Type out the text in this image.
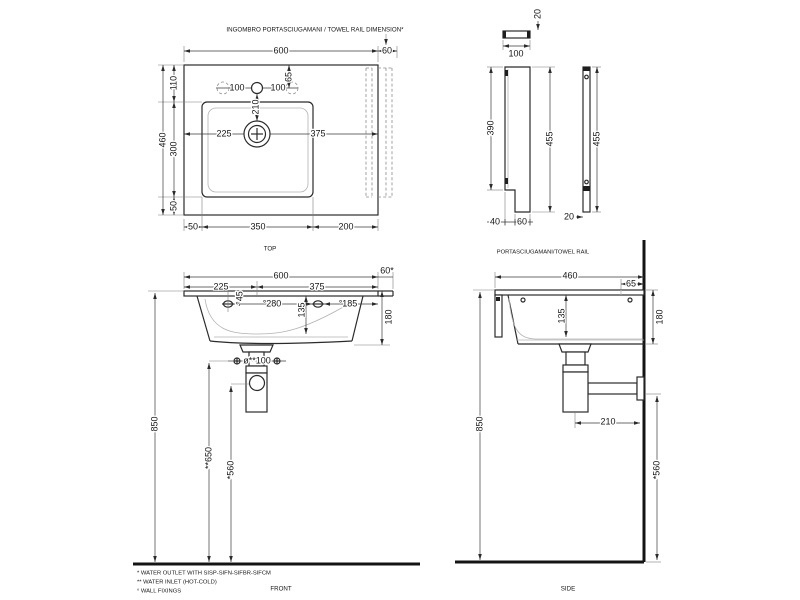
INGOMBRO PORTASCIUGAMANI / TOWEL RAIL DIMENSION*
600	60
100	100
65
210
460
110
300
50
225	375
50	350	200
TOP
20
100
390
455
40 60
455
20
PORTASCIUGAMANI/TOWEL RAIL
600	60*
225	375
°45 °280 135	°185
180
ø**100
850
**650
*560
FRONT
460
65
135	180
210
850
*560
SIDE
* WATER OUTLET WITH SISP-SIFN-SIFBR-SIFCM
** WATER INLET (HOT-COLD)
° WALL FIXINGS
